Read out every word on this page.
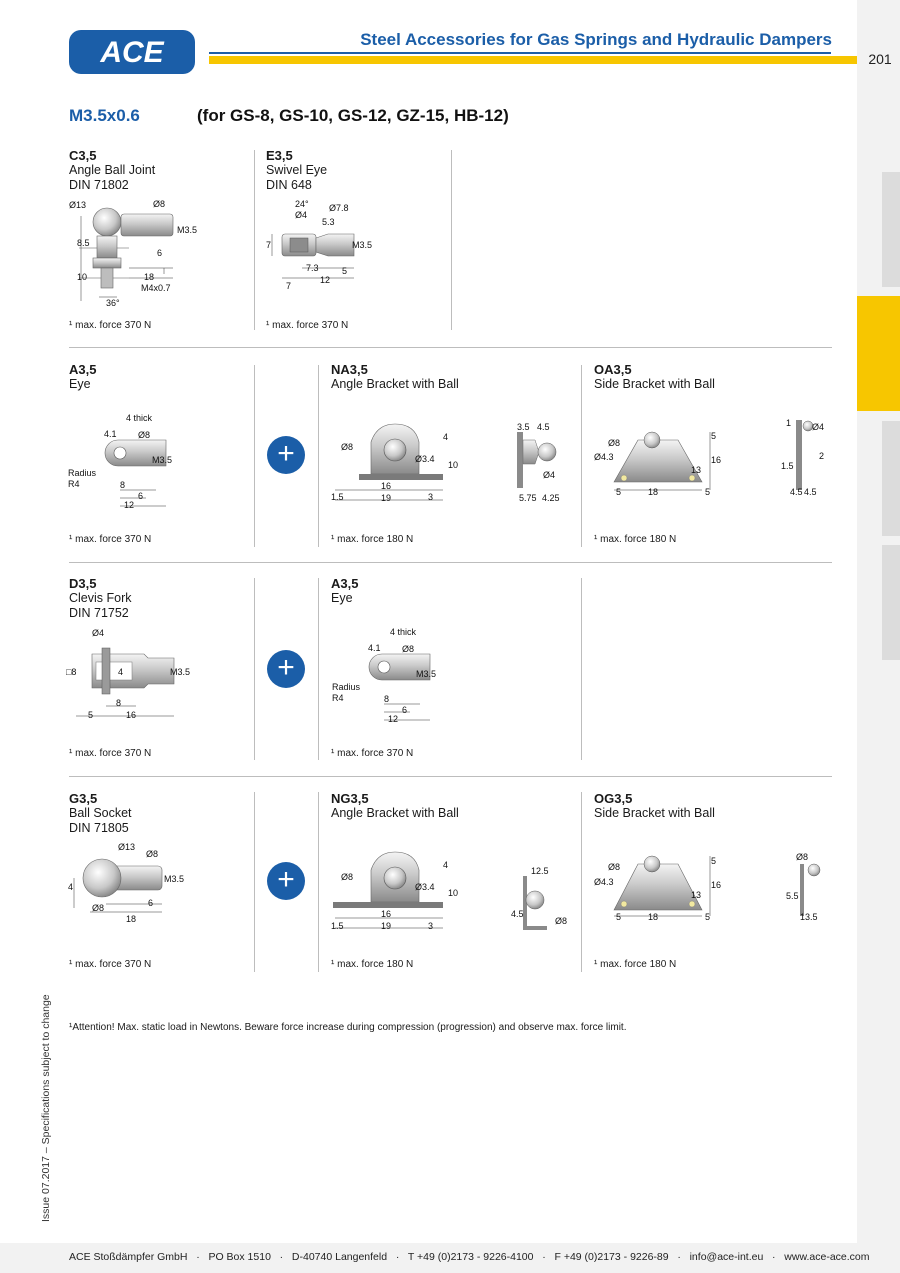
201
ACE	Steel Accessories for Gas Springs and Hydraulic Dampers
M3.5x0.6	(for GS-8, GS-10, GS-12, GZ-15, HB-12)
C3,5
Angle Ball Joint
DIN 71802
Ø13	Ø8
M3.5
8.5
10
6
18
M4x0.7
36°
¹ max. force 370 N
E3,5
Swivel Eye
DIN 648
24°
Ø4
Ø7.8
5.3
7	M3.5
7.3	5
12
7
¹ max. force 370 N
A3,5
Eye
4 thick
4.1 Ø8
M3.5
Radius
R4	8
6
12
¹ max. force 370 N
+
NA3,5
Angle Bracket with Ball
Ø8
4
Ø3.4
10
16
19
1.5	3
3.5 4.5
Ø4
5.75 4.25
¹ max. force 180 N
OA3,5
Side Bracket with Ball
Ø8
Ø4.3
5
16
13
18
5	5
1 Ø4
2
1.5
4.5 4.5
¹ max. force 180 N
D3,5
Clevis Fork
DIN 71752
Ø4
□8	4	M3.5
8
5	16
¹ max. force 370 N
+
A3,5
Eye
4 thick
4.1 Ø8
M3.5
Radius
R4	8
6
12
¹ max. force 370 N
G3,5
Ball Socket
DIN 71805
Ø13
Ø8
M3.5
4
Ø8	6
18
¹ max. force 370 N
+
NG3,5
Angle Bracket with Ball
Ø8
4
Ø3.4
10
16
19
1.5	3
12.5
4.5
Ø8
¹ max. force 180 N
OG3,5
Side Bracket with Ball
Ø8
Ø4.3
5
16
13
18
5	5
Ø8
5.5
13.5
¹ max. force 180 N
¹Attention! Max. static load in Newtons. Beware force increase during compression (progression) and observe max. force limit.
Issue 07.2017 – Specifications subject to change
ACE Stoßdämpfer GmbH   ·   PO Box 1510   ·   D-40740 Langenfeld   ·   T +49 (0)2173 - 9226-4100   ·   F +49 (0)2173 - 9226-89   ·   info@ace-int.eu   ·   www.ace-ace.com
